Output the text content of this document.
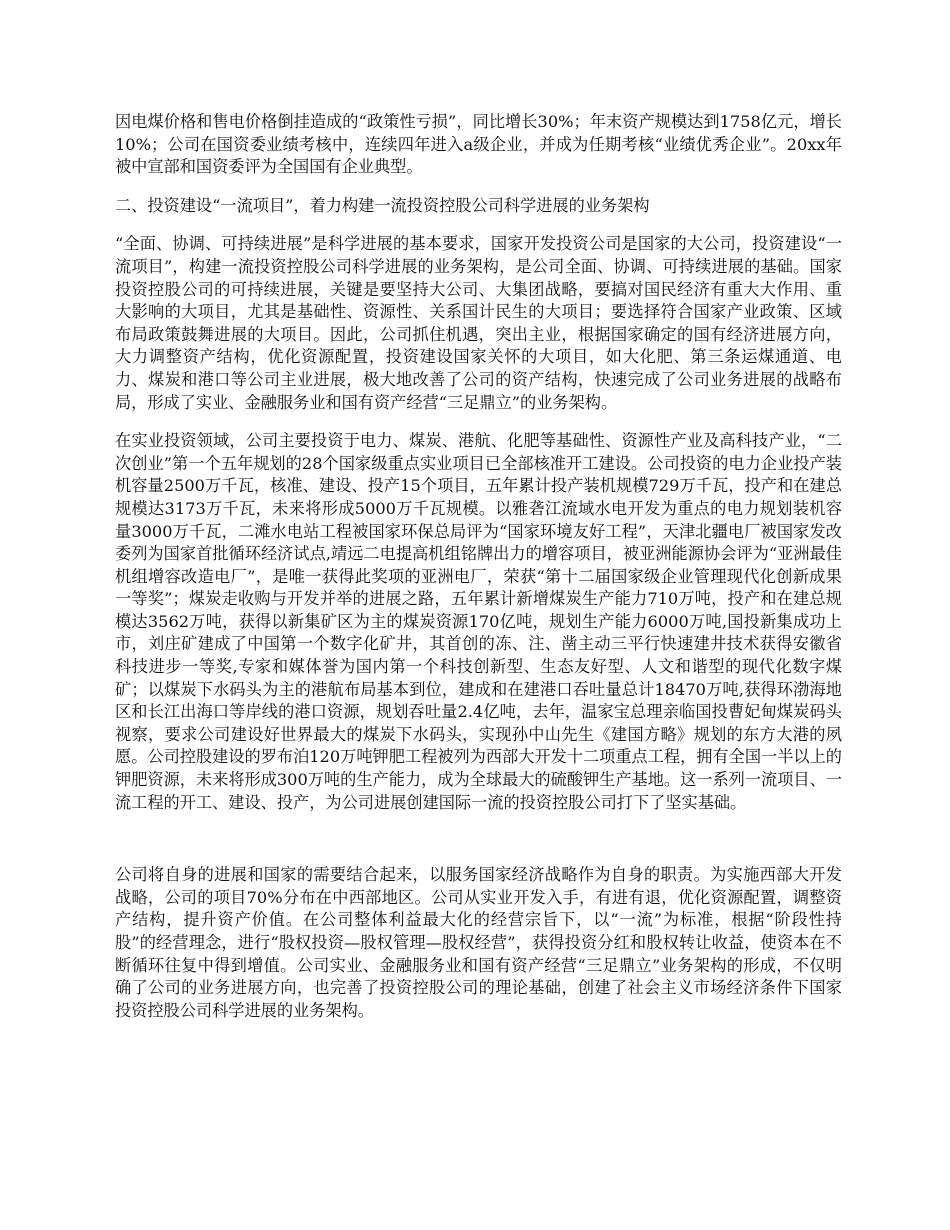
因电煤价格和售电价格倒挂造成的“政策性亏损”，同比增长30%；年末资产规模达到1758亿元，增长10%；公司在国资委业绩考核中，连续四年进入a级企业，并成为任期考核“业绩优秀企业”。20xx年被中宣部和国资委评为全国国有企业典型。

二、投资建设“一流项目”，着力构建一流投资控股公司科学进展的业务架构

“全面、协调、可持续进展”是科学进展的基本要求，国家开发投资公司是国家的大公司，投资建设“一流项目”，构建一流投资控股公司科学进展的业务架构，是公司全面、协调、可持续进展的基础。国家投资控股公司的可持续进展，关键是要坚持大公司、大集团战略，要搞对国民经济有重大大作用、重大影响的大项目，尤其是基础性、资源性、关系国计民生的大项目；要选择符合国家产业政策、区域布局政策鼓舞进展的大项目。因此，公司抓住机遇，突出主业，根据国家确定的国有经济进展方向，大力调整资产结构，优化资源配置，投资建设国家关怀的大项目，如大化肥、第三条运煤通道、电力、煤炭和港口等公司主业进展，极大地改善了公司的资产结构，快速完成了公司业务进展的战略布局，形成了实业、金融服务业和国有资产经营“三足鼎立”的业务架构。

在实业投资领域，公司主要投资于电力、煤炭、港航、化肥等基础性、资源性产业及高科技产业，“二次创业”第一个五年规划的28个国家级重点实业项目已全部核准开工建设。公司投资的电力企业投产装机容量2500万千瓦，核准、建设、投产15个项目，五年累计投产装机规模729万千瓦，投产和在建总规模达3173万千瓦，未来将形成5000万千瓦规模。以雅砻江流域水电开发为重点的电力规划装机容量3000万千瓦，二滩水电站工程被国家环保总局评为“国家环境友好工程”，天津北疆电厂被国家发改委列为国家首批循环经济试点,靖远二电提高机组铭牌出力的增容项目，被亚洲能源协会评为“亚洲最佳机组增容改造电厂”，是唯一获得此奖项的亚洲电厂，荣获“第十二届国家级企业管理现代化创新成果一等奖”；煤炭走收购与开发并举的进展之路，五年累计新增煤炭生产能力710万吨，投产和在建总规模达3562万吨，获得以新集矿区为主的煤炭资源170亿吨，规划生产能力6000万吨,国投新集成功上市，刘庄矿建成了中国第一个数字化矿井，其首创的冻、注、凿主动三平行快速建井技术获得安徽省科技进步一等奖,专家和媒体誉为国内第一个科技创新型、生态友好型、人文和谐型的现代化数字煤矿；以煤炭下水码头为主的港航布局基本到位，建成和在建港口吞吐量总计18470万吨,获得环渤海地区和长江出海口等岸线的港口资源，规划吞吐量2.4亿吨，去年，温家宝总理亲临国投曹妃甸煤炭码头视察，要求公司建设好世界最大的煤炭下水码头，实现孙中山先生《建国方略》规划的东方大港的夙愿。公司控股建设的罗布泊120万吨钾肥工程被列为西部大开发十二项重点工程，拥有全国一半以上的钾肥资源，未来将形成300万吨的生产能力，成为全球最大的硫酸钾生产基地。这一系列一流项目、一流工程的开工、建设、投产，为公司进展创建国际一流的投资控股公司打下了坚实基础。

公司将自身的进展和国家的需要结合起来，以服务国家经济战略作为自身的职责。为实施西部大开发战略，公司的项目70%分布在中西部地区。公司从实业开发入手，有进有退，优化资源配置，调整资产结构，提升资产价值。在公司整体利益最大化的经营宗旨下，以“一流”为标准，根据“阶段性持股”的经营理念，进行“股权投资—股权管理—股权经营”，获得投资分红和股权转让收益，使资本在不断循环往复中得到增值。公司实业、金融服务业和国有资产经营“三足鼎立”业务架构的形成，不仅明确了公司的业务进展方向，也完善了投资控股公司的理论基础，创建了社会主义市场经济条件下国家投资控股公司科学进展的业务架构。
